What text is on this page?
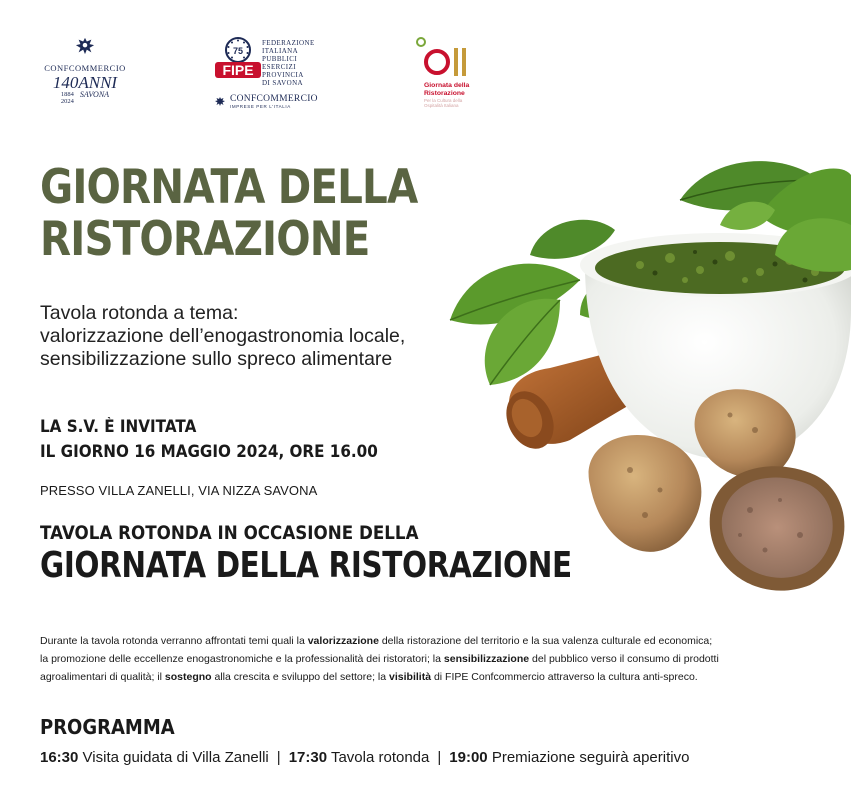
CONFCOMMERCIO
140ANNI
1884
2024
SAVONA
75
FIPE
FEDERAZIONE
ITALIANA
PUBBLICI
ESERCIZI
PROVINCIA
DI SAVONA
CONFCOMMERCIO
IMPRESE PER L'ITALIA
Giornata della
Ristorazione
Per la Cultura della
Ospitalità Italiana
GIORNATA DELLA
RISTORAZIONE
Tavola rotonda a tema:
valorizzazione dell’enogastronomia locale,
sensibilizzazione sullo spreco alimentare
LA S.V. È INVITATA
IL GIORNO 16 MAGGIO 2024, ORE 16.00
PRESSO VILLA ZANELLI, VIA NIZZA SAVONA
TAVOLA ROTONDA IN OCCASIONE DELLA
GIORNATA DELLA RISTORAZIONE
Durante la tavola rotonda verranno affrontati temi quali la valorizzazione della ristorazione del territorio e la sua valenza culturale ed economica;
la promozione delle eccellenze enogastronomiche e la professionalità dei ristoratori; la sensibilizzazione del pubblico verso il consumo di prodotti
agroalimentari di qualità; il sostegno alla crescita e sviluppo del settore; la visibilità di FIPE Confcommercio attraverso la cultura anti-spreco.
PROGRAMMA
16:30 Visita guidata di Villa Zanelli | 17:30 Tavola rotonda | 19:00 Premiazione seguirà aperitivo
